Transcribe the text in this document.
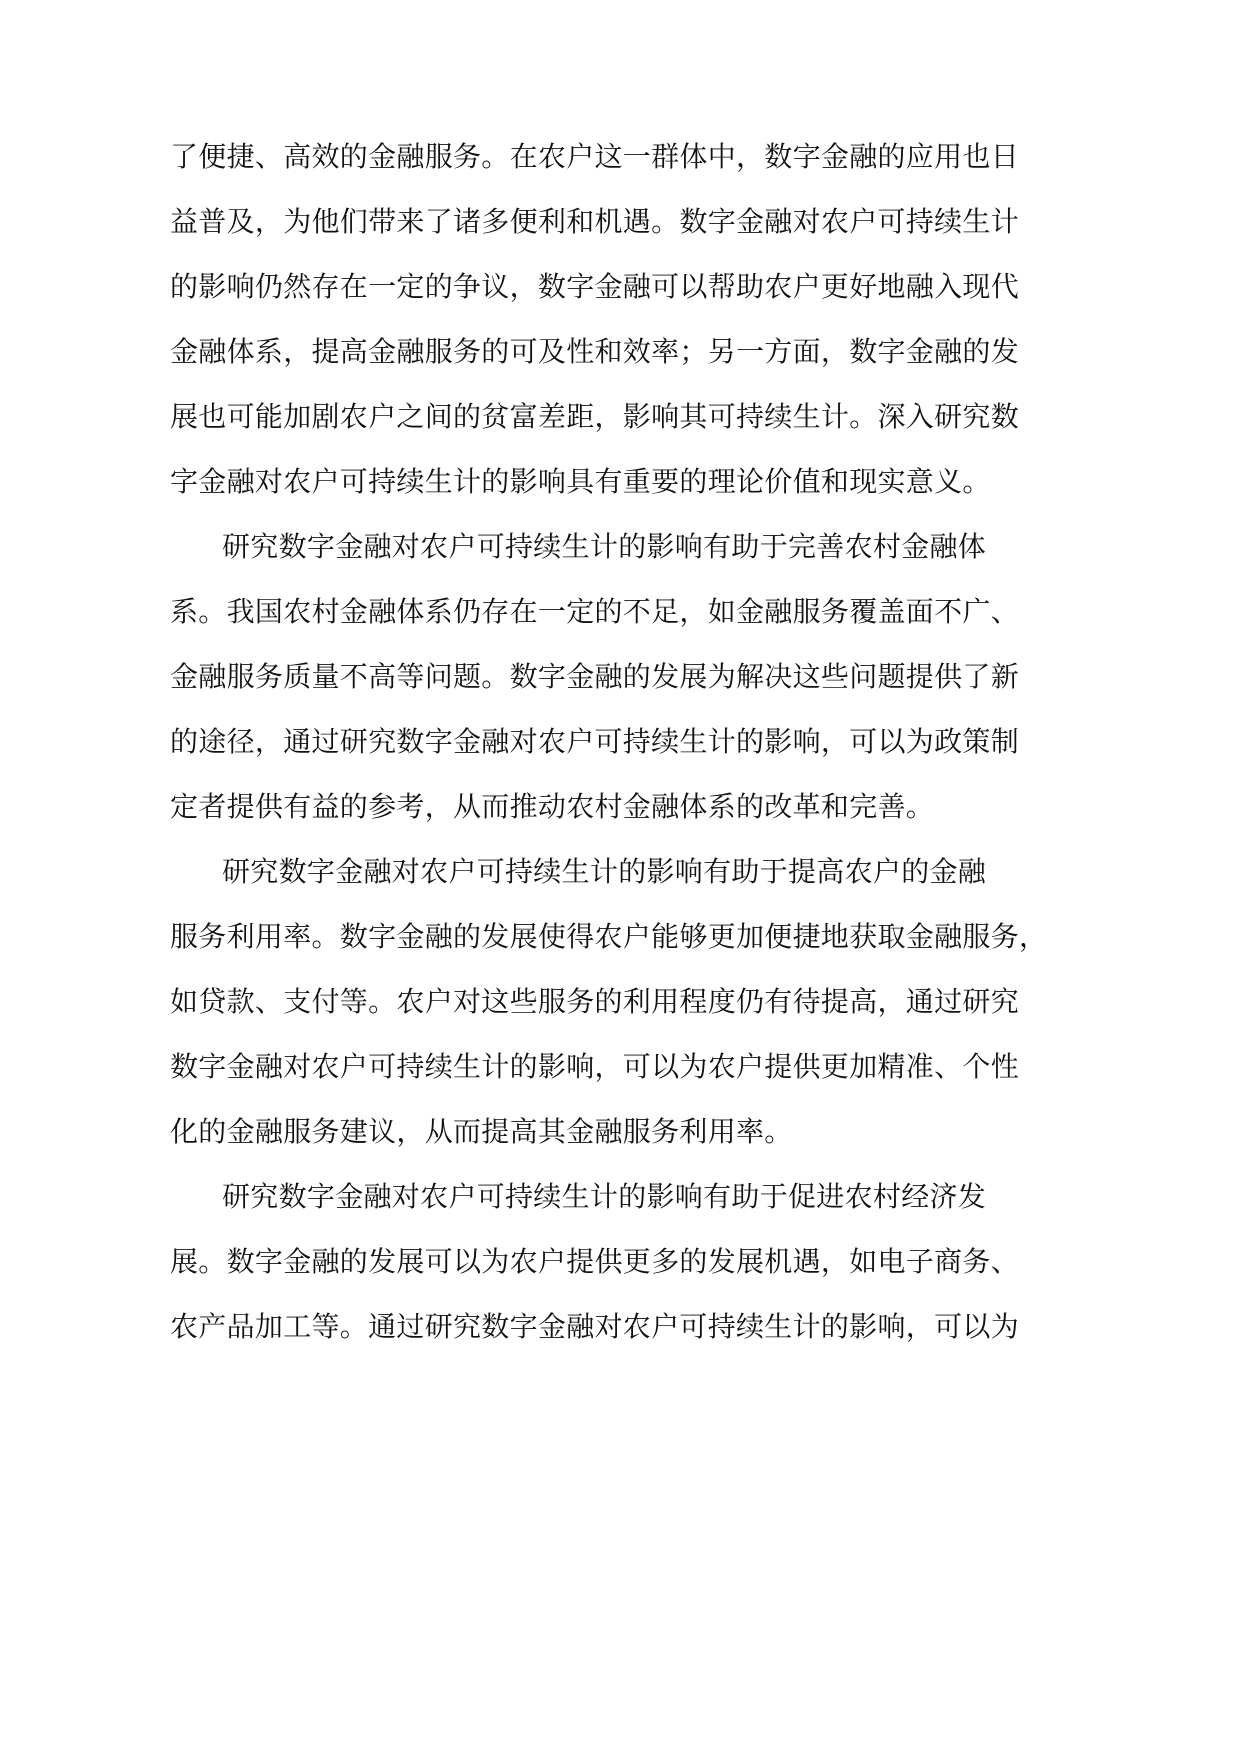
了便捷、高效的金融服务。在农户这一群体中，数字金融的应用也日

益普及，为他们带来了诸多便利和机遇。数字金融对农户可持续生计

的影响仍然存在一定的争议，数字金融可以帮助农户更好地融入现代

金融体系，提高金融服务的可及性和效率；另一方面，数字金融的发

展也可能加剧农户之间的贫富差距，影响其可持续生计。深入研究数

字金融对农户可持续生计的影响具有重要的理论价值和现实意义。

研究数字金融对农户可持续生计的影响有助于完善农村金融体

系。我国农村金融体系仍存在一定的不足，如金融服务覆盖面不广、

金融服务质量不高等问题。数字金融的发展为解决这些问题提供了新

的途径，通过研究数字金融对农户可持续生计的影响，可以为政策制

定者提供有益的参考，从而推动农村金融体系的改革和完善。

研究数字金融对农户可持续生计的影响有助于提高农户的金融

服务利用率。数字金融的发展使得农户能够更加便捷地获取金融服务，

如贷款、支付等。农户对这些服务的利用程度仍有待提高，通过研究

数字金融对农户可持续生计的影响，可以为农户提供更加精准、个性

化的金融服务建议，从而提高其金融服务利用率。

研究数字金融对农户可持续生计的影响有助于促进农村经济发

展。数字金融的发展可以为农户提供更多的发展机遇，如电子商务、

农产品加工等。通过研究数字金融对农户可持续生计的影响，可以为
